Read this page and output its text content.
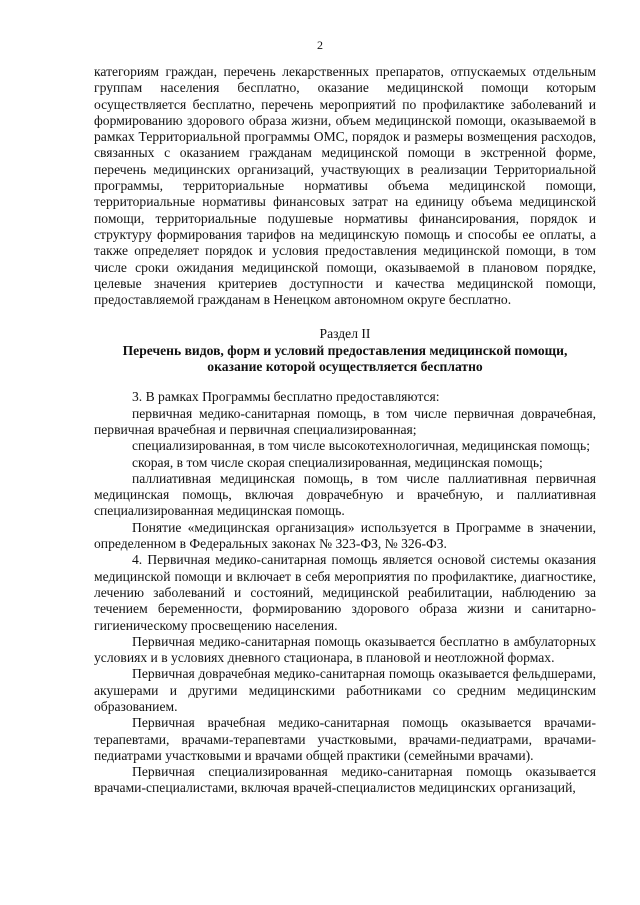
2

категориям граждан, перечень лекарственных препаратов, отпускаемых отдельным группам населения бесплатно, оказание медицинской помощи которым осуществляется бесплатно, перечень мероприятий по профилактике заболеваний и формированию здорового образа жизни, объем медицинской помощи, оказываемой в рамках Территориальной программы ОМС, порядок и размеры возмещения расходов, связанных с оказанием гражданам медицинской помощи в экстренной форме, перечень медицинских организаций, участвующих в реализации Территориальной программы, территориальные нормативы объема медицинской помощи, территориальные нормативы финансовых затрат на единицу объема медицинской помощи, территориальные подушевые нормативы финансирования, порядок и структуру формирования тарифов на медицинскую помощь и способы ее оплаты, а также определяет порядок и условия предоставления медицинской помощи, в том числе сроки ожидания медицинской помощи, оказываемой в плановом порядке, целевые значения критериев доступности и качества медицинской помощи, предоставляемой гражданам в Ненецком автономном округе бесплатно.

Раздел II

Перечень видов, форм и условий предоставления медицинской помощи, оказание которой осуществляется бесплатно

3. В рамках Программы бесплатно предоставляются:

первичная медико-санитарная помощь, в том числе первичная доврачебная, первичная врачебная и первичная специализированная;

специализированная, в том числе высокотехнологичная, медицинская помощь;

скорая, в том числе скорая специализированная, медицинская помощь;

паллиативная медицинская помощь, в том числе паллиативная первичная медицинская помощь, включая доврачебную и врачебную, и паллиативная специализированная медицинская помощь.

Понятие «медицинская организация» используется в Программе в значении, определенном в Федеральных законах № 323-ФЗ, № 326-ФЗ.

4. Первичная медико-санитарная помощь является основой системы оказания медицинской помощи и включает в себя мероприятия по профилактике, диагностике, лечению заболеваний и состояний, медицинской реабилитации, наблюдению за течением беременности, формированию здорового образа жизни и санитарно-гигиеническому просвещению населения.

Первичная медико-санитарная помощь оказывается бесплатно в амбулаторных условиях и в условиях дневного стационара, в плановой и неотложной формах.

Первичная доврачебная медико-санитарная помощь оказывается фельдшерами, акушерами и другими медицинскими работниками со средним медицинским образованием.

Первичная врачебная медико-санитарная помощь оказывается врачами-терапевтами, врачами-терапевтами участковыми, врачами-педиатрами, врачами-педиатрами участковыми и врачами общей практики (семейными врачами).

Первичная специализированная медико-санитарная помощь оказывается врачами-специалистами, включая врачей-специалистов медицинских организаций,
